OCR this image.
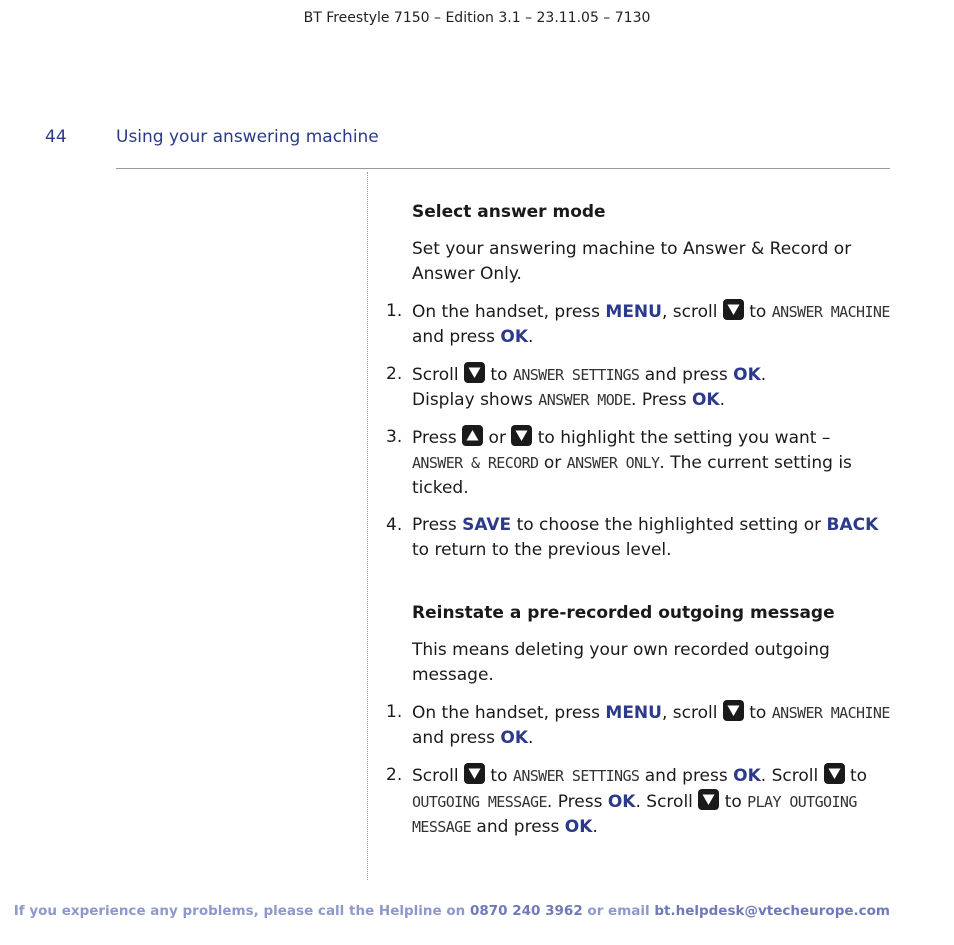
BT Freestyle 7150 – Edition 3.1 – 23.11.05 – 7130
44	Using your answering machine
Select answer mode
Set your answering machine to Answer & Record or Answer Only.
1. On the handset, press MENU, scroll
to ANSWER MACHINE and press OK.
2. Scroll
to ANSWER SETTINGS and press OK.
Display shows ANSWER MODE. Press OK.
3. Press
or
to highlight the setting you want –
ANSWER & RECORD or ANSWER ONLY. The current setting is ticked.
4. Press SAVE to choose the highlighted setting or BACK to return to the previous level.
Reinstate a pre-recorded outgoing message
This means deleting your own recorded outgoing message.
1. On the handset, press MENU, scroll
to ANSWER MACHINE and press OK.
2. Scroll
to ANSWER SETTINGS and press OK. Scroll
to OUTGOING MESSAGE. Press OK. Scroll
to PLAY OUTGOING MESSAGE and press OK.
If you experience any problems, please call the Helpline on 0870 240 3962 or email bt.helpdesk@vtecheurope.com
